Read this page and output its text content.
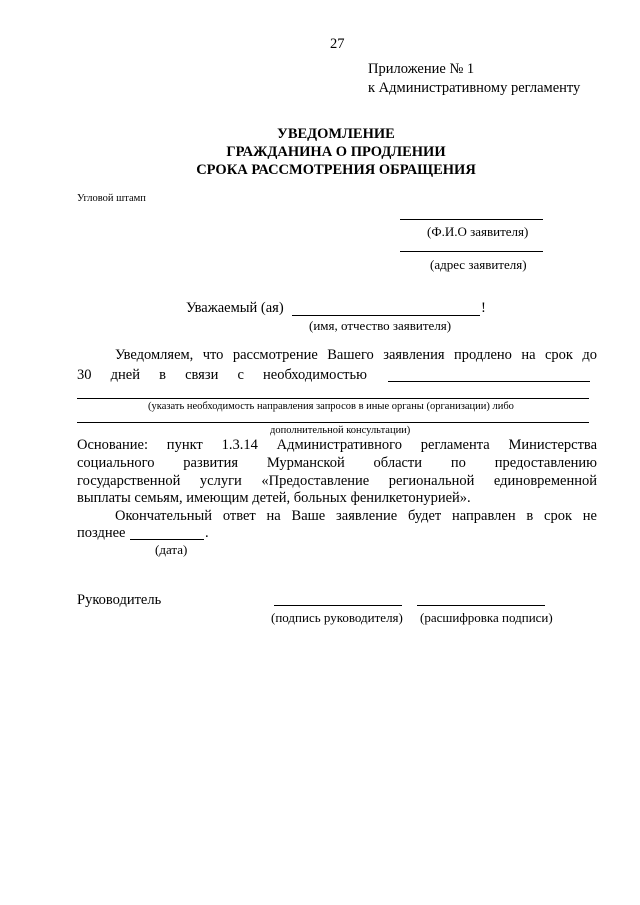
27
Приложение № 1
к Административному регламенту
УВЕДОМЛЕНИЕ
ГРАЖДАНИНА О ПРОДЛЕНИИ
СРОКА РАССМОТРЕНИЯ ОБРАЩЕНИЯ
Угловой штамп
(Ф.И.О заявителя)
(адрес заявителя)
Уважаемый (ая)	!
(имя, отчество заявителя)
Уведомляем, что рассмотрение Вашего заявления продлено на срок до
30 дней в связи с необходимостью
(указать необходимость направления запросов в иные органы (организации) либо
дополнительной консультации)
Основание: пункт 1.3.14 Административного регламента Министерства
социального развития Мурманской области по предоставлению
государственной услуги «Предоставление региональной единовременной
выплаты семьям, имеющим детей, больных фенилкетонурией».
Окончательный ответ на Ваше заявление будет направлен в срок не
позднее	.
(дата)
Руководитель
(подпись руководителя) (расшифровка подписи)
